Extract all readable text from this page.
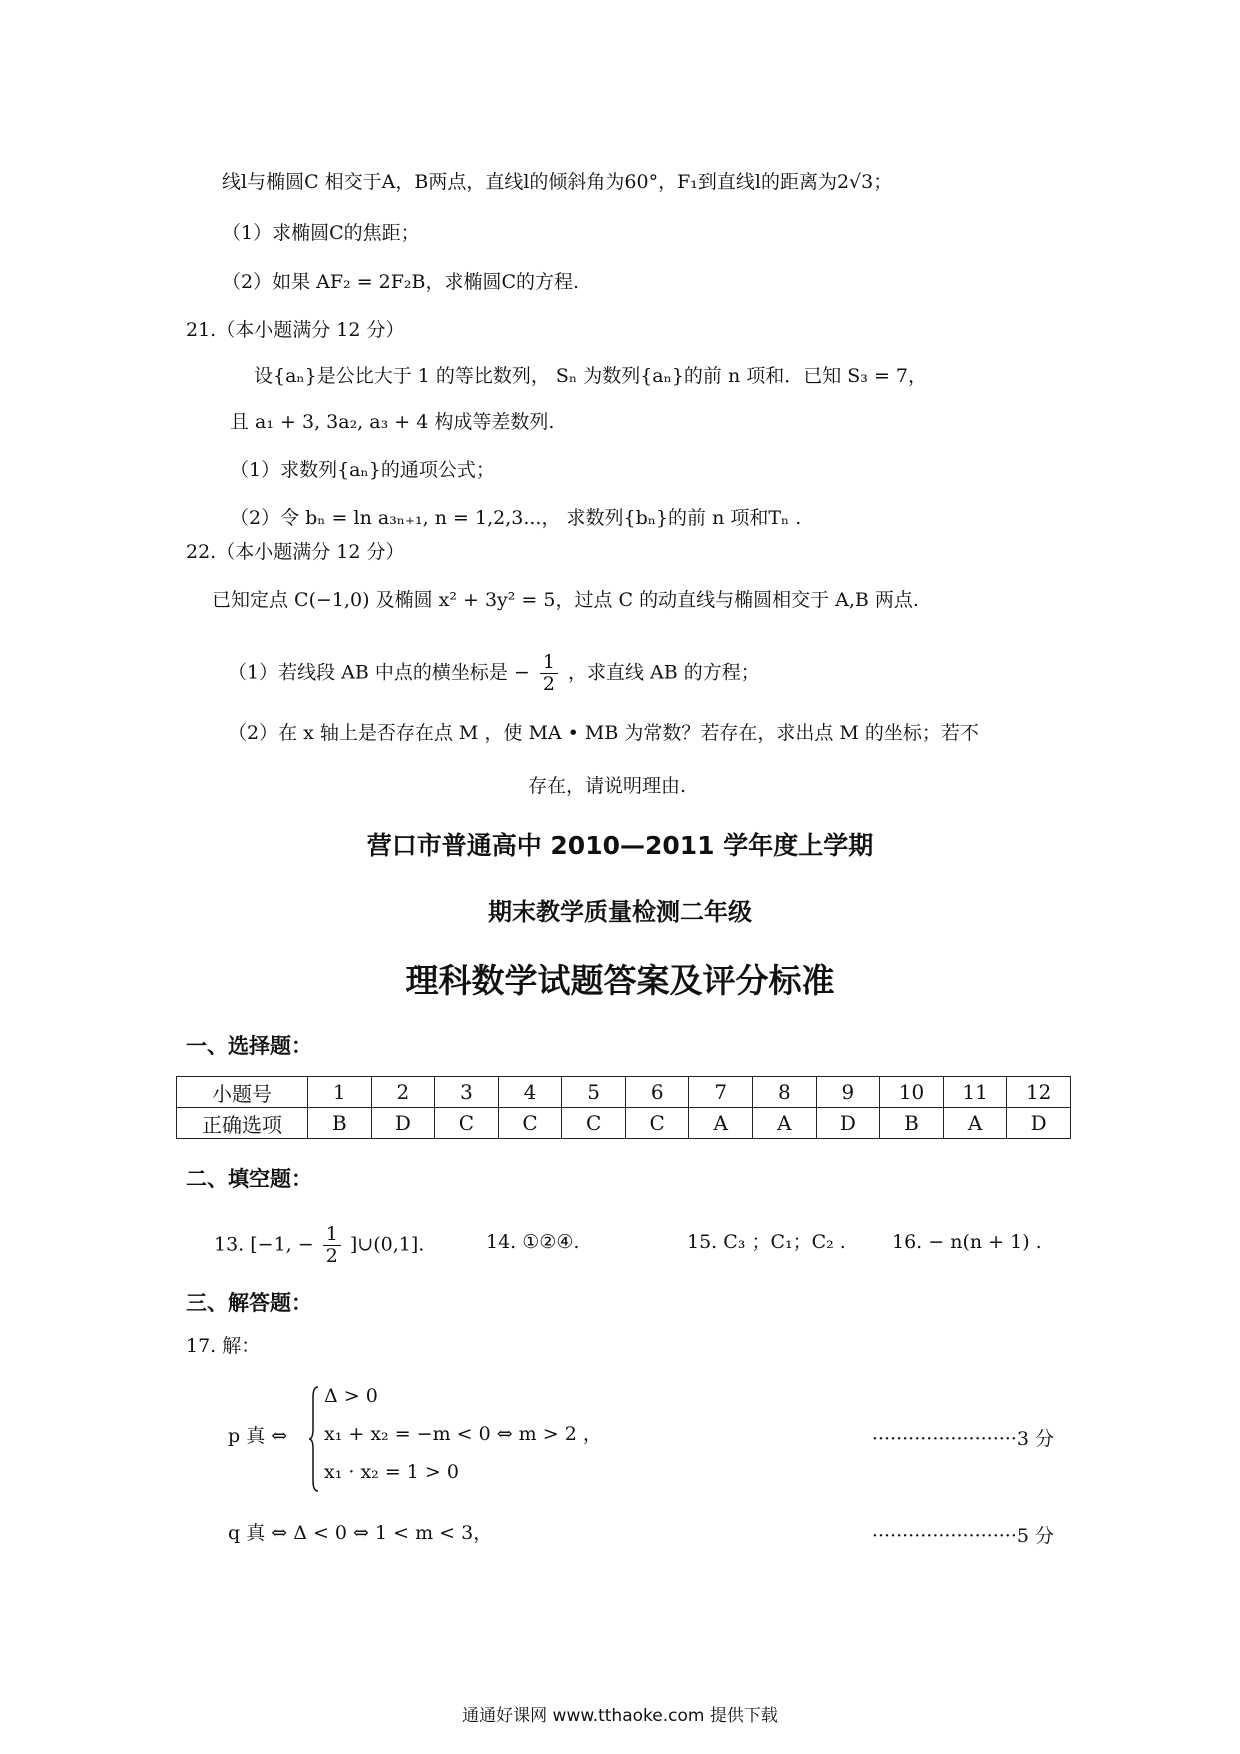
线l与椭圆C 相交于A，B两点，直线l的倾斜角为60°，F₁到直线l的距离为2√3；
（1）求椭圆C的焦距；
（2）如果 AF₂ = 2F₂B，求椭圆C的方程.
21.（本小题满分 12 分）
设{aₙ}是公比大于 1 的等比数列， Sₙ 为数列{aₙ}的前 n 项和．已知 S₃ = 7，
且 a₁ + 3, 3a₂, a₃ + 4 构成等差数列.
（1）求数列{aₙ}的通项公式；
（2）令 bₙ = ln a₃ₙ₊₁, n = 1,2,3...， 求数列{bₙ}的前 n 项和Tₙ .
22.（本小题满分 12 分）
已知定点 C(−1,0) 及椭圆 x² + 3y² = 5，过点 C 的动直线与椭圆相交于 A,B 两点.
（1）若线段 AB 中点的横坐标是 − $\frac{1}{2}$ ，求直线 AB 的方程；
（2）在 x 轴上是否存在点 M ，使 MA • MB 为常数？若存在，求出点 M 的坐标；若不
存在，请说明理由.
营口市普通高中 2010—2011 学年度上学期
期末教学质量检测二年级
理科数学试题答案及评分标准
一、选择题：
小题号	1	2	3	4	5	6	7	8	9	10	11	12
正确选项	B	D	C	C	C	C	A	A	D	B	A	D
二、填空题：
13. [−1, − $\frac{1}{2}$ ]∪(0,1].	14. ①②④.	15. C₃ ；C₁；C₂ . 16. − n(n + 1) .
三、解答题：
17. 解：
p 真 ⇔
Δ > 0
x₁ + x₂ = −m < 0 ⇔ m > 2 ，
x₁ · x₂ = 1 > 0
························3 分
q 真 ⇔ Δ < 0 ⇔ 1 < m < 3，	························5 分
通通好课网 www.tthaoke.com 提供下载
